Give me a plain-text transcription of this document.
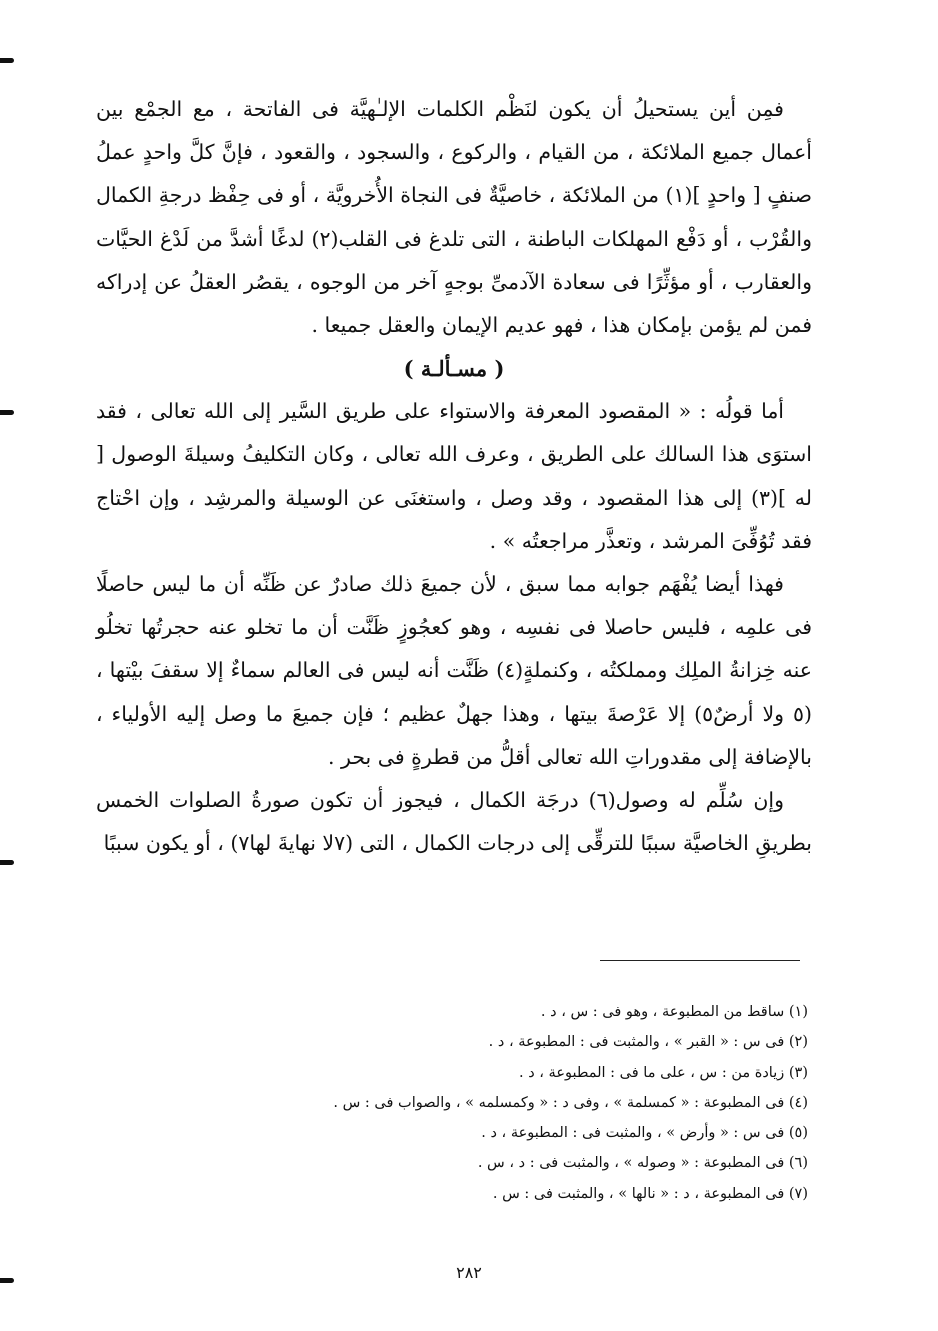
فمِن أين يستحيلُ أن يكون لنَظْم الكلمات الإلـٰهيَّة فى الفاتحة ، مع الجمْع بين أعمال جميع الملائكة ، من القيام ، والركوع ، والسجود ، والقعود ، فإنَّ كلَّ واحدٍ عملُ صنفٍ [ واحدٍ ](١) من الملائكة ، خاصيَّةٌ فى النجاة الأُخرويَّة ، أو فى حِفْظ درجةِ الكمال والقُرْب ، أو دَفْع المهلكات الباطنة ، التى تلدغ فى القلب(٢) لدغًا أشدَّ من لَدْغ الحيَّات والعقارب ، أو مؤثِّرًا فى سعادة الآدمىِّ بوجهٍ آخر من الوجوه ، يقصُر العقلُ عن إدراكه فمن لم يؤمن بإمكان هذا ، فهو عديم الإيمان والعقل جميعا .

( مسـألـة )

أما قولُه : « المقصود المعرفة والاستواء على طريق السَّير إلى الله تعالى ، فقد استوَى هذا السالك على الطريق ، وعرف الله تعالى ، وكان التكليفُ وسيلةَ الوصول [ له ](٣) إلى هذا المقصود ، وقد وصل ، واستغنَى عن الوسيلة والمرشِد ، وإن احْتاج فقد تُوُفِّىَ المرشد ، وتعذَّر مراجعتُه » .

فهذا أيضا يُفْهَم جوابه مما سبق ، لأن جميعَ ذلك صادرٌ عن ظَنِّه أن ما ليس حاصلًا فى علمِه ، فليس حاصلا فى نفسِه ، وهو كعجُوزٍ ظَنَّت أن ما تخلو عنه حجرتُها تخلُو عنه خِزانةُ الملِك ومملكتُه ، وكنملةٍ(٤) ظَنَّت أنه ليس فى العالم سماءٌ إلا سقفَ بيْتها ، (٥ ولا أرضٌ٥) إلا عَرْصةَ بيتها ، وهذا جهلٌ عظيم ؛ فإن جميعَ ما وصل إليه الأولياء ، بالإضافة إلى مقدوراتِ الله تعالى أقلُّ من قطرةٍ فى بحر .

وإن سُلِّم له وصول(٦) درجَة الكمال ، فيجوز أن تكون صورةُ الصلوات الخمس بطريقِ الخاصيَّة سببًا للترقِّى إلى درجات الكمال ، التى (٧لا نهايةَ لها٧) ، أو يكون سببًا

(١) ساقط من المطبوعة ، وهو فى : س ، د .
(٢) فى س : « القبر » ، والمثبت فى : المطبوعة ، د .
(٣) زيادة من : س ، على ما فى : المطبوعة ، د .
(٤) فى المطبوعة : « كمسلمة » ، وفى د : « وكمسلمه » ، والصواب فى : س .
(٥) فى س : « وأرض » ، والمثبت فى : المطبوعة ، د .
(٦) فى المطبوعة : « وصوله » ، والمثبت فى : د ، س .
(٧) فى المطبوعة ، د : « نالها » ، والمثبت فى : س .
٢٨٢
